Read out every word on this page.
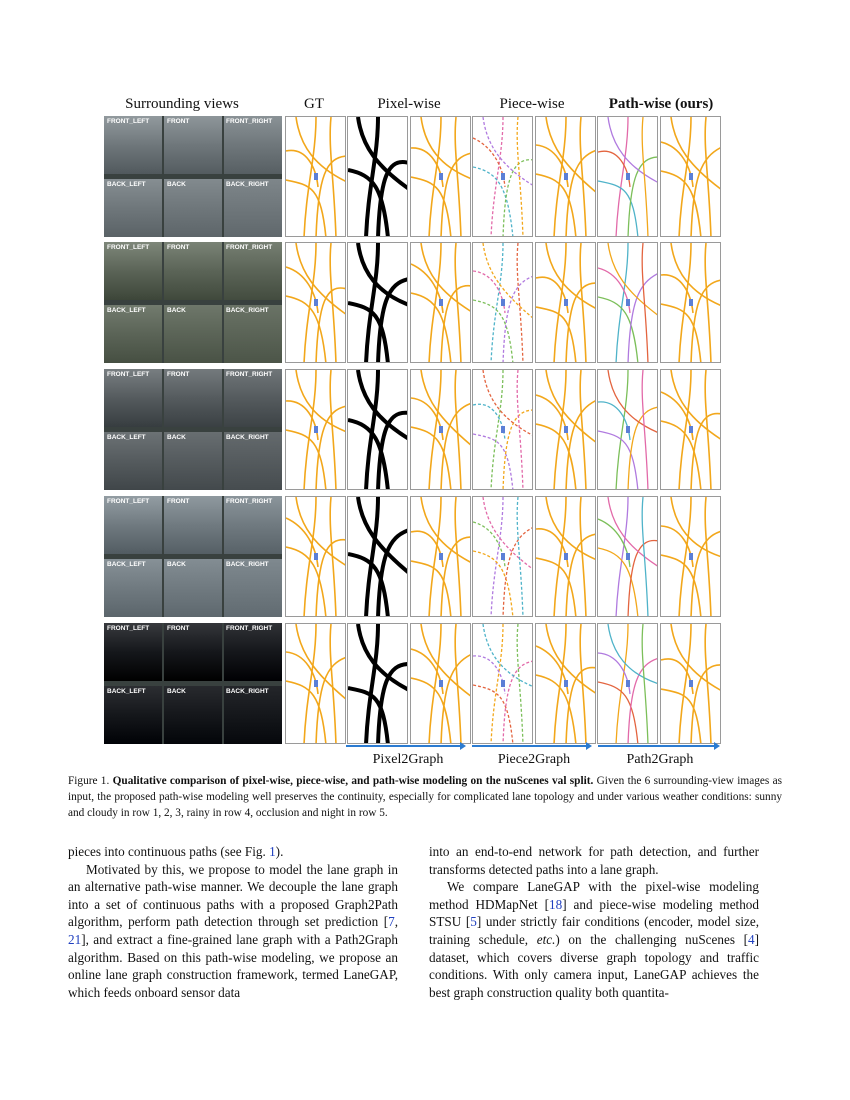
Surrounding views	GT	Pixel-wise	Piece-wise	Path-wise (ours)
FRONT_LEFT	FRONT	FRONT_RIGHT
BACK_LEFT	BACK	BACK_RIGHT
FRONT_LEFT	FRONT	FRONT_RIGHT
BACK_LEFT	BACK	BACK_RIGHT
FRONT_LEFT	FRONT	FRONT_RIGHT
BACK_LEFT	BACK	BACK_RIGHT
FRONT_LEFT	FRONT	FRONT_RIGHT
BACK_LEFT	BACK	BACK_RIGHT
FRONT_LEFT	FRONT	FRONT_RIGHT
BACK_LEFT	BACK	BACK_RIGHT
Pixel2Graph	Piece2Graph	Path2Graph
Figure 1. Qualitative comparison of pixel-wise, piece-wise, and path-wise modeling on the nuScenes val split. Given the 6 surrounding-view images as input, the proposed path-wise modeling well preserves the continuity, especially for complicated lane topology and under various weather conditions: sunny and cloudy in row 1, 2, 3, rainy in row 4, occlusion and night in row 5.

pieces into continuous paths (see Fig. 1).

Motivated by this, we propose to model the lane graph in an alternative path-wise manner. We decouple the lane graph into a set of continuous paths with a proposed Graph2Path algorithm, perform path detection through set prediction [7, 21], and extract a fine-grained lane graph with a Path2Graph algorithm. Based on this path-wise modeling, we propose an online lane graph construction framework, termed LaneGAP, which feeds onboard sensor data

into an end-to-end network for path detection, and further transforms detected paths into a lane graph.

We compare LaneGAP with the pixel-wise modeling method HDMapNet [18] and piece-wise modeling method STSU [5] under strictly fair conditions (encoder, model size, training schedule, etc.) on the challenging nuScenes [4] dataset, which covers diverse graph topology and traffic conditions. With only camera input, LaneGAP achieves the best graph construction quality both quantita-
